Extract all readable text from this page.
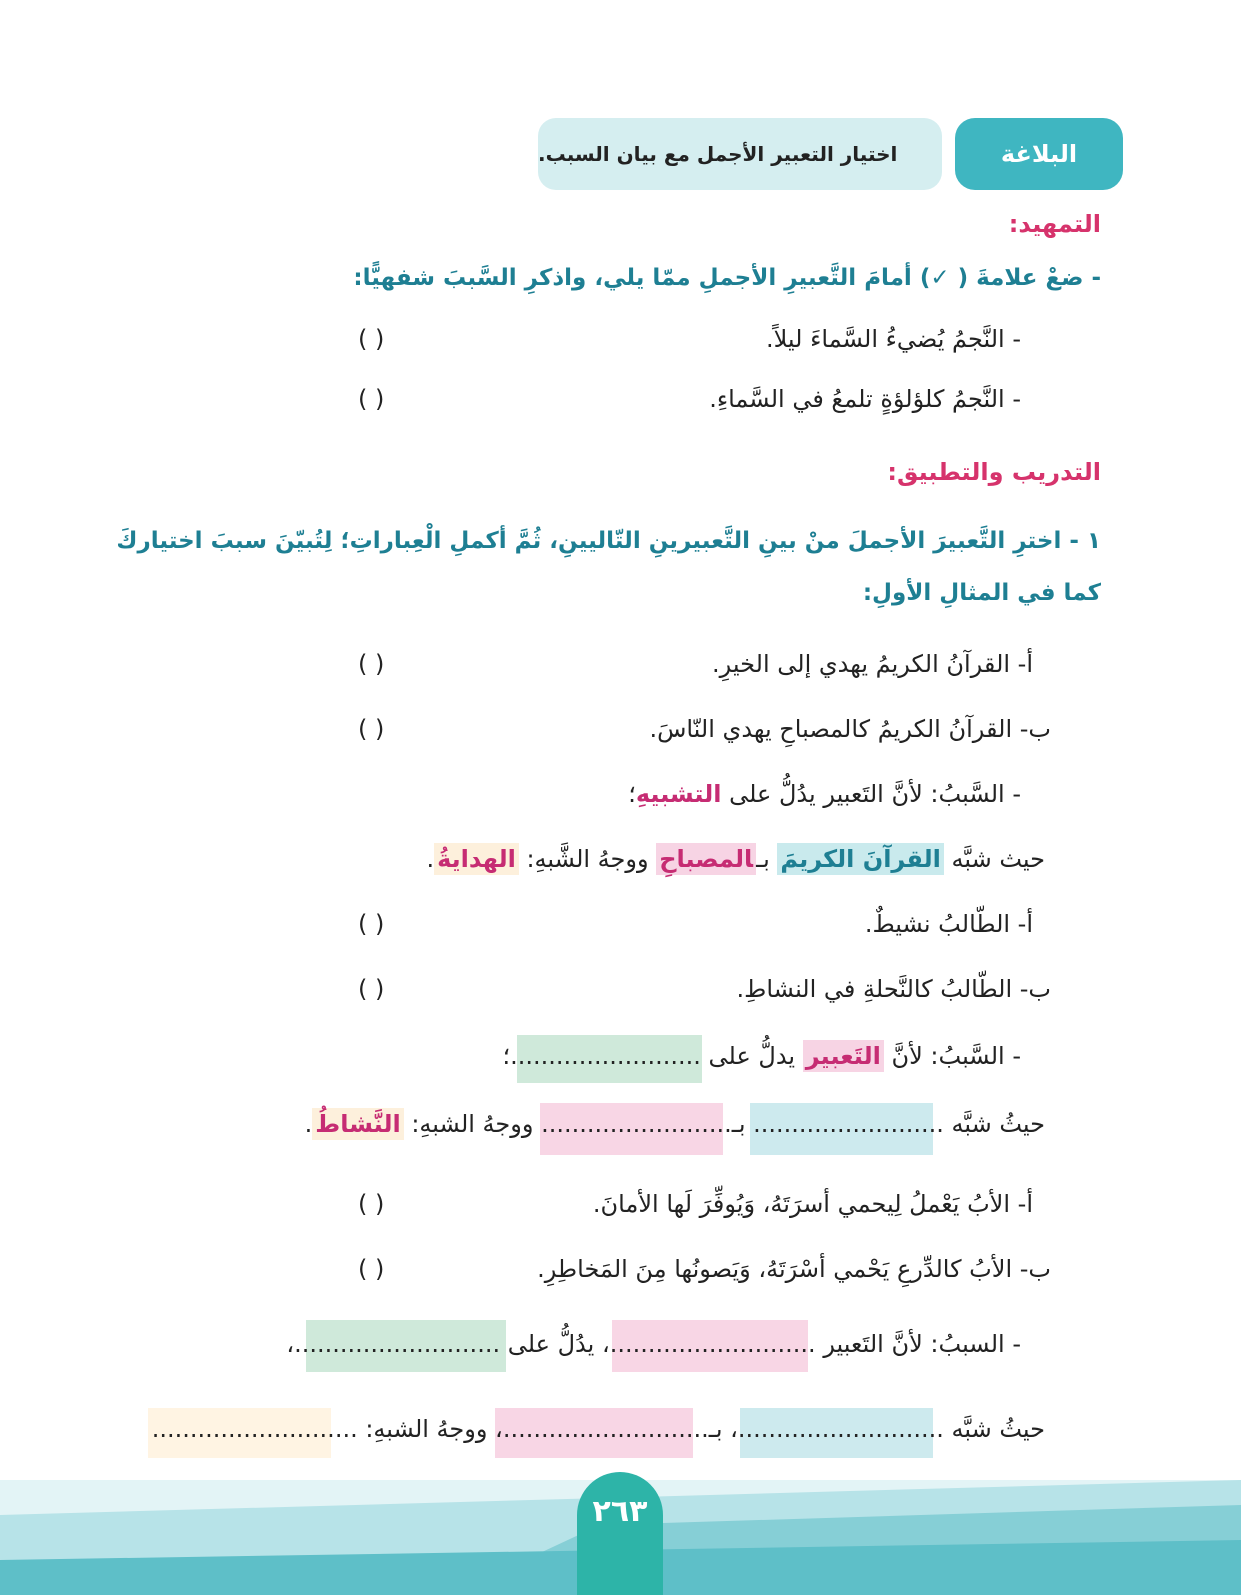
اختيار التعبير الأجمل مع بيان السبب.	البلاغة
التمهيد:
- ضعْ علامةَ ( ✓) أمامَ التَّعبيرِ الأجملِ ممّا يلي، واذكرِ السَّببَ شفهيًّا:
- النَّجمُ يُضيءُ السَّماءَ ليلاً.
( )
- النَّجمُ كلؤلؤةٍ تلمعُ في السَّماءِ.
( )
التدريب والتطبيق:
١ - اخترِ التَّعبيرَ الأجملَ منْ بينِ التَّعبيرينِ التّاليينِ، ثُمَّ أكملِ الْعِباراتِ؛ لِتُبيّنَ سببَ اختياركَ
كما في المثالِ الأولِ:
أ- القرآنُ الكريمُ يهدي إلى الخيرِ.
( )
ب- القرآنُ الكريمُ كالمصباحِ يهدي النّاسَ.
( )
- السَّببُ: لأنَّ التَعبير يدُلُّ على التشبيهِ؛
حيث شبَّه القرآنَ الكريمَ بـالمصباحِ ووجهُ الشَّبهِ: الهدايةُ.
أ- الطّالبُ نشيطٌ.
( )
ب- الطّالبُ كالنَّحلةِ في النشاطِ.
( )
- السَّببُ: لأنَّ التَعبير يدلُّ على .........................؛
حيثُ شبَّه ......................... بـ......................... ووجهُ الشبهِ: النَّشاطُ.
أ- الأبُ يَعْملُ لِيحمي أسرَتَهُ، وَيُوفِّرَ لَها الأمانَ.
( )
ب- الأبُ كالدِّرعِ يَحْمي أسْرَتَهُ، وَيَصونُها مِنَ المَخاطِرِ.
( )
- السببُ: لأنَّ التَعبير ...........................، يدُلُّ على ...........................،
حيثُ شبَّه ...........................، بـ...........................، ووجهُ الشبهِ: ...........................
٢٦٣
